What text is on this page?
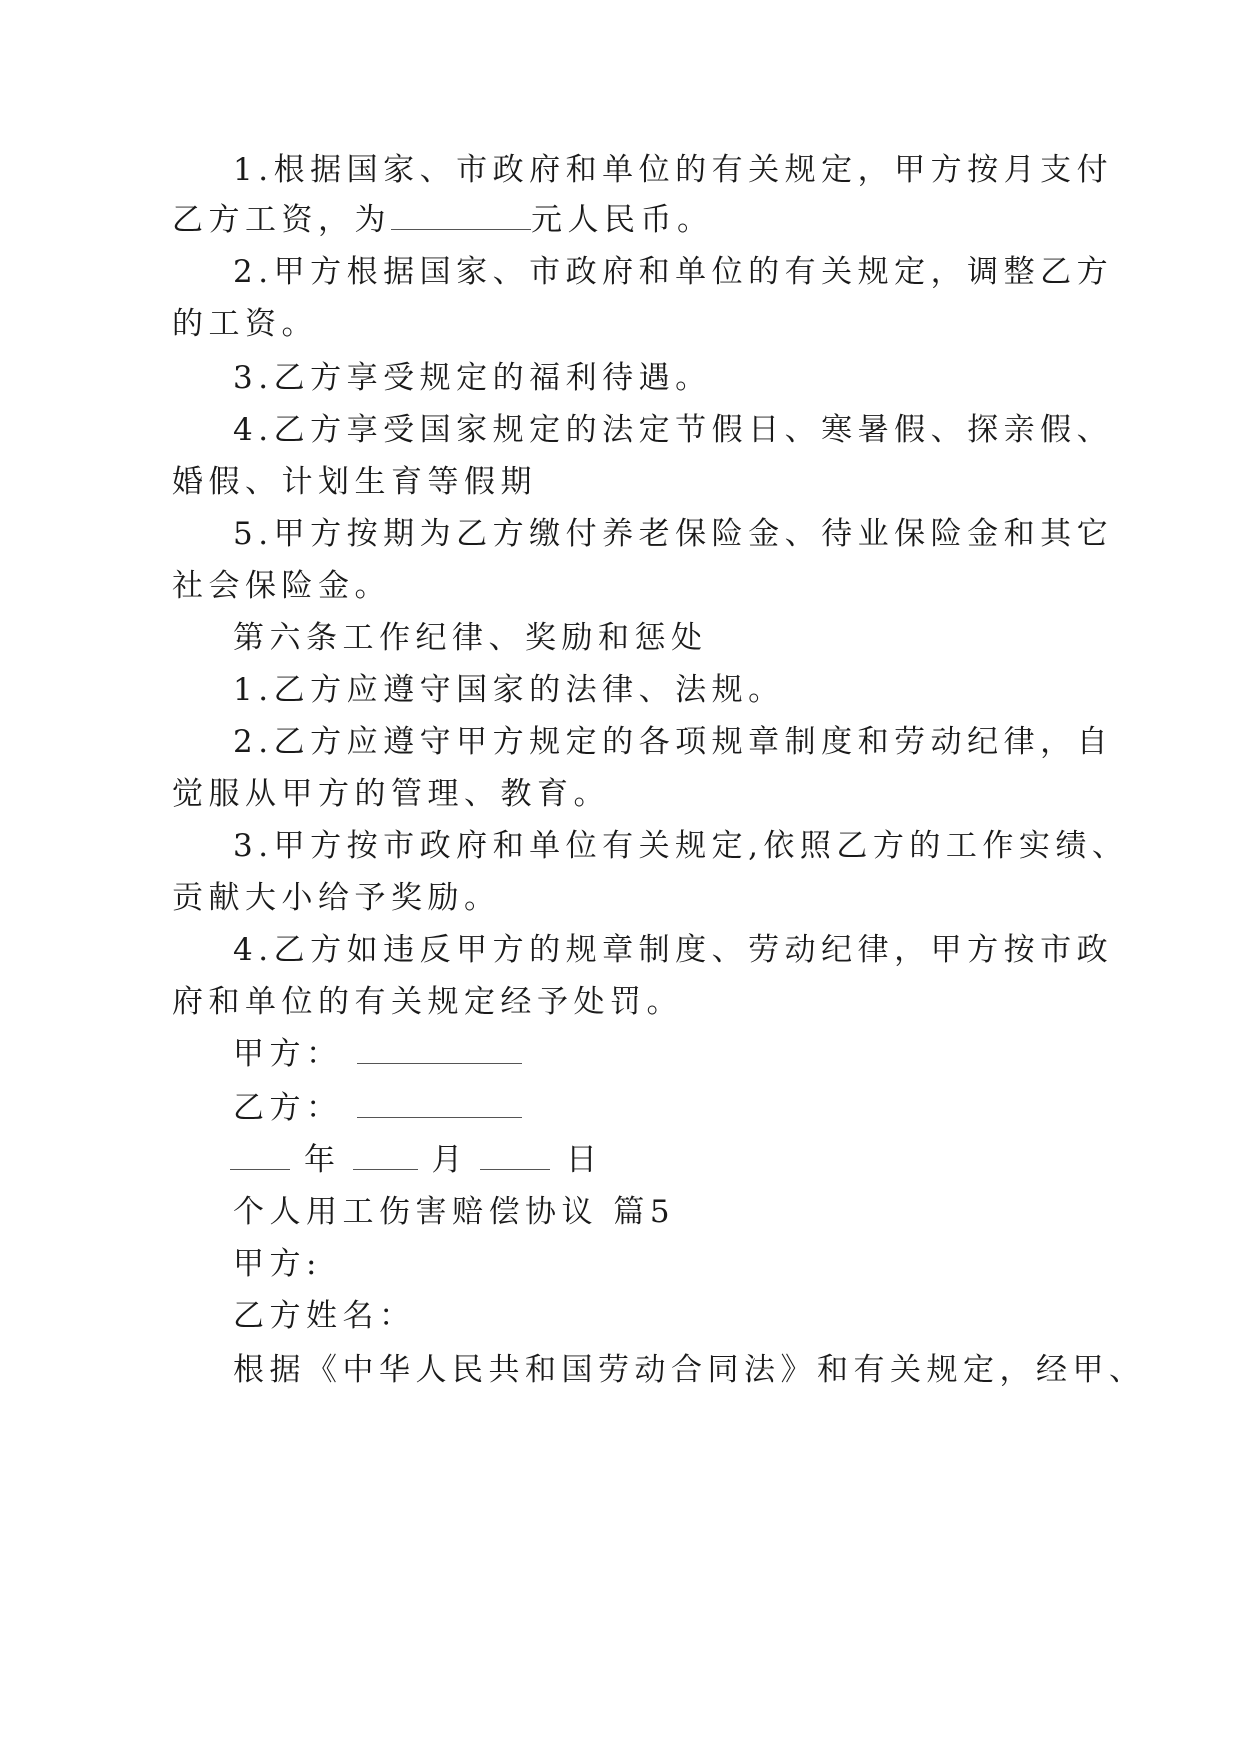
1.根据国家、市政府和单位的有关规定，甲方按月支付
乙方工资，为	元人民币。
2.甲方根据国家、市政府和单位的有关规定，调整乙方
的工资。
3.乙方享受规定的福利待遇。
4.乙方享受国家规定的法定节假日、寒暑假、探亲假、
婚假、计划生育等假期
5.甲方按期为乙方缴付养老保险金、待业保险金和其它
社会保险金。
第六条工作纪律、奖励和惩处
1.乙方应遵守国家的法律、法规。
2.乙方应遵守甲方规定的各项规章制度和劳动纪律，自
觉服从甲方的管理、教育。
3.甲方按市政府和单位有关规定,依照乙方的工作实绩、
贡献大小给予奖励。
4.乙方如违反甲方的规章制度、劳动纪律，甲方按市政
府和单位的有关规定经予处罚。
甲方：
乙方：
年	月	日
个人用工伤害赔偿协议 篇5
甲方:
乙方姓名：
根据《中华人民共和国劳动合同法》和有关规定，经甲、
